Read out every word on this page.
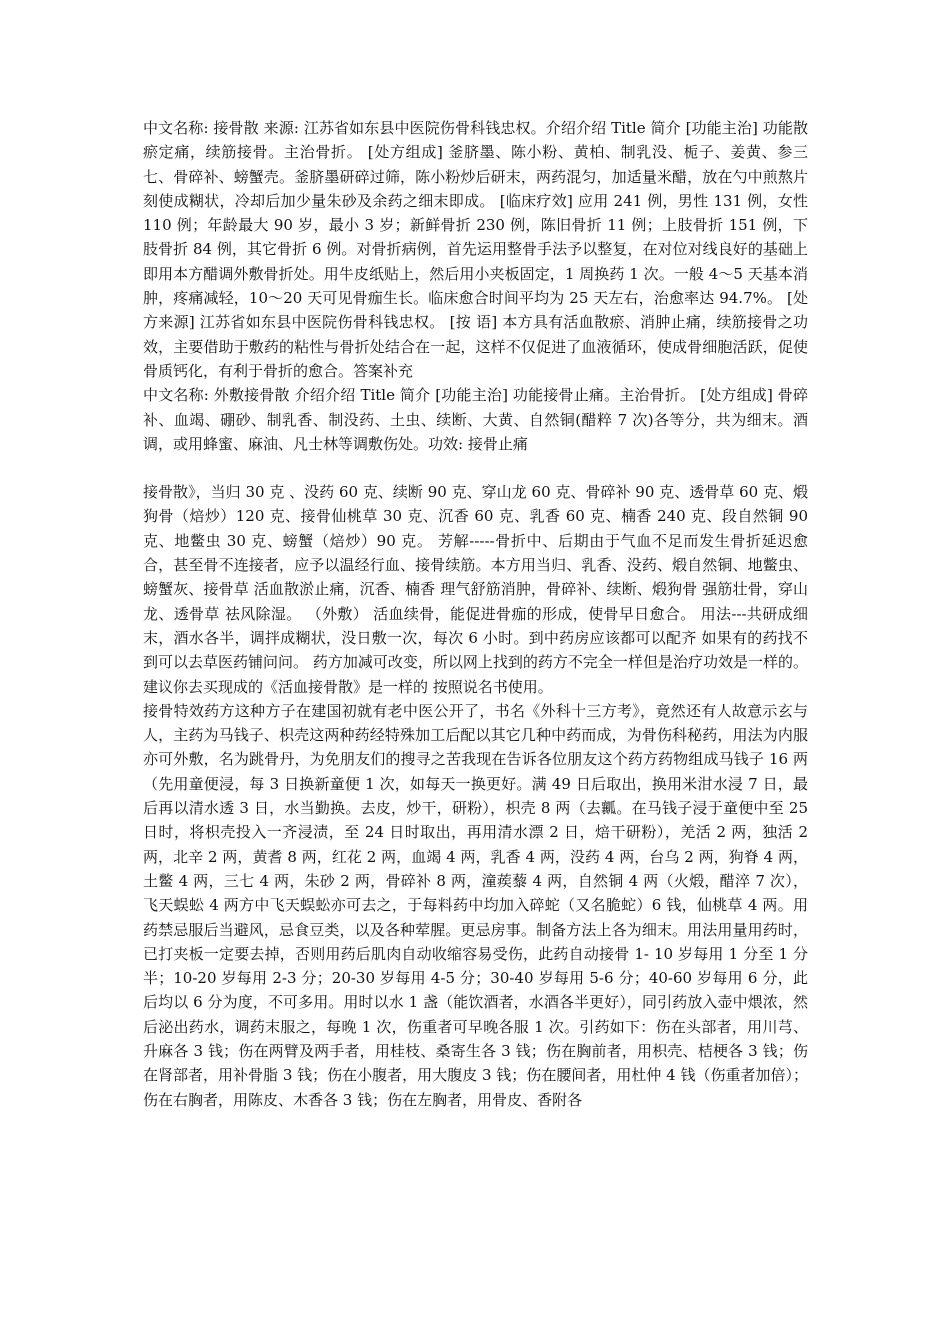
中文名称: 接骨散 来源: 江苏省如东县中医院伤骨科钱忠权。介绍介绍 Title 简介 [功能主治] 功能散瘀定痛，续筋接骨。主治骨折。 [处方组成] 釜脐墨、陈小粉、黄柏、制乳没、栀子、姜黄、参三七、骨碎补、螃蟹壳。釜脐墨研碎过筛，陈小粉炒后研末，两药混匀，加适量米醋，放在勺中煎熬片刻使成糊状，冷却后加少量朱砂及余药之细末即成。 [临床疗效] 应用 241 例，男性 131 例，女性 110 例；年龄最大 90 岁，最小 3 岁；新鲜骨折 230 例，陈旧骨折 11 例；上肢骨折 151 例，下肢骨折 84 例，其它骨折 6 例。对骨折病例，首先运用整骨手法予以整复，在对位对线良好的基础上即用本方醋调外敷骨折处。用牛皮纸贴上，然后用小夹板固定，1 周换药 1 次。一般 4～5 天基本消肿，疼痛减轻，10～20 天可见骨痂生长。临床愈合时间平均为 25 天左右，治愈率达 94.7%。 [处方来源] 江苏省如东县中医院伤骨科钱忠权。 [按 语] 本方具有活血散瘀、消肿止痛，续筋接骨之功效，主要借助于敷药的粘性与骨折处结合在一起，这样不仅促进了血液循环，使成骨细胞活跃，促使骨质钙化，有利于骨折的愈合。答案补充

中文名称: 外敷接骨散 介绍介绍 Title 简介 [功能主治] 功能接骨止痛。主治骨折。 [处方组成] 骨碎补、血竭、硼砂、制乳香、制没药、土虫、续断、大黄、自然铜(醋粹 7 次)各等分，共为细末。酒调，或用蜂蜜、麻油、凡士林等调敷伤处。功效: 接骨止痛

接骨散》，当归 30 克 、没药 60 克、续断 90 克、穿山龙 60 克、骨碎补 90 克、透骨草 60 克、煅狗骨（焙炒）120 克、接骨仙桃草 30 克、沉香 60 克、乳香 60 克、楠香 240 克、段自然铜 90 克、地鳖虫 30 克、螃蟹（焙炒）90 克。 芳解-----骨折中、后期由于气血不足而发生骨折延迟愈合，甚至骨不连接者，应予以温经行血、接骨续筋。本方用当归、乳香、没药、煅自然铜、地鳖虫、螃蟹灰、接骨草 活血散淤止痛，沉香、楠香 理气舒筋消肿，骨碎补、续断、煅狗骨 强筋壮骨，穿山龙、透骨草 祛风除湿。 （外敷） 活血续骨，能促进骨痂的形成，使骨早日愈合。 用法---共研成细末，酒水各半，调拌成糊状，没日敷一次，每次 6 小时。到中药房应该都可以配齐 如果有的药找不到可以去草医药铺问问。 药方加减可改变，所以网上找到的药方不完全一样但是治疗功效是一样的。建议你去买现成的《活血接骨散》是一样的 按照说名书使用。

接骨特效药方这种方子在建国初就有老中医公开了，书名《外科十三方考》，竟然还有人故意示玄与人，主药为马钱子、枳壳这两种药经特殊加工后配以其它几种中药而成，为骨伤科秘药，用法为内服亦可外敷，名为跳骨丹，为免朋友们的搜寻之苦我现在告诉各位朋友这个药方药物组成马钱子 16 两（先用童便浸，每 3 日换新童便 1 次，如每天一换更好。满 49 日后取出，换用米泔水浸 7 日，最后再以清水透 3 日，水当勤换。去皮，炒干，研粉），枳壳 8 两（去瓤。在马钱子浸于童便中至 25 日时，将枳壳投入一齐浸渍，至 24 日时取出，再用清水漂 2 日，焙干研粉），羌活 2 两，独活 2 两，北辛 2 两，黄耆 8 两，红花 2 两，血竭 4 两，乳香 4 两，没药 4 两，台乌 2 两，狗脊 4 两，土鳖 4 两，三七 4 两，朱砂 2 两，骨碎补 8 两，潼蒺藜 4 两，自然铜 4 两（火煅，醋淬 7 次），飞天蜈蚣 4 两方中飞天蜈蚣亦可去之，于每料药中均加入碎蛇（又名脆蛇）6 钱，仙桃草 4 两。用药禁忌服后当避风，忌食豆类，以及各种荤腥。更忌房事。制备方法上各为细末。用法用量用药时，已打夹板一定要去掉，否则用药后肌肉自动收缩容易受伤，此药自动接骨 1- 10 岁每用 1 分至 1 分半；10-20 岁每用 2-3 分；20-30 岁每用 4-5 分；30-40 岁每用 5-6 分；40-60 岁每用 6 分，此后均以 6 分为度，不可多用。用时以水 1 盏（能饮酒者，水酒各半更好），同引药放入壶中煨浓，然后泌出药水，调药末服之，每晚 1 次，伤重者可早晚各服 1 次。引药如下：伤在头部者，用川芎、升麻各 3 钱；伤在两臂及两手者，用桂枝、桑寄生各 3 钱；伤在胸前者，用枳壳、桔梗各 3 钱；伤在肾部者，用补骨脂 3 钱；伤在小腹者，用大腹皮 3 钱；伤在腰间者，用杜仲 4 钱（伤重者加倍）；伤在右胸者，用陈皮、木香各 3 钱；伤在左胸者，用骨皮、香附各
